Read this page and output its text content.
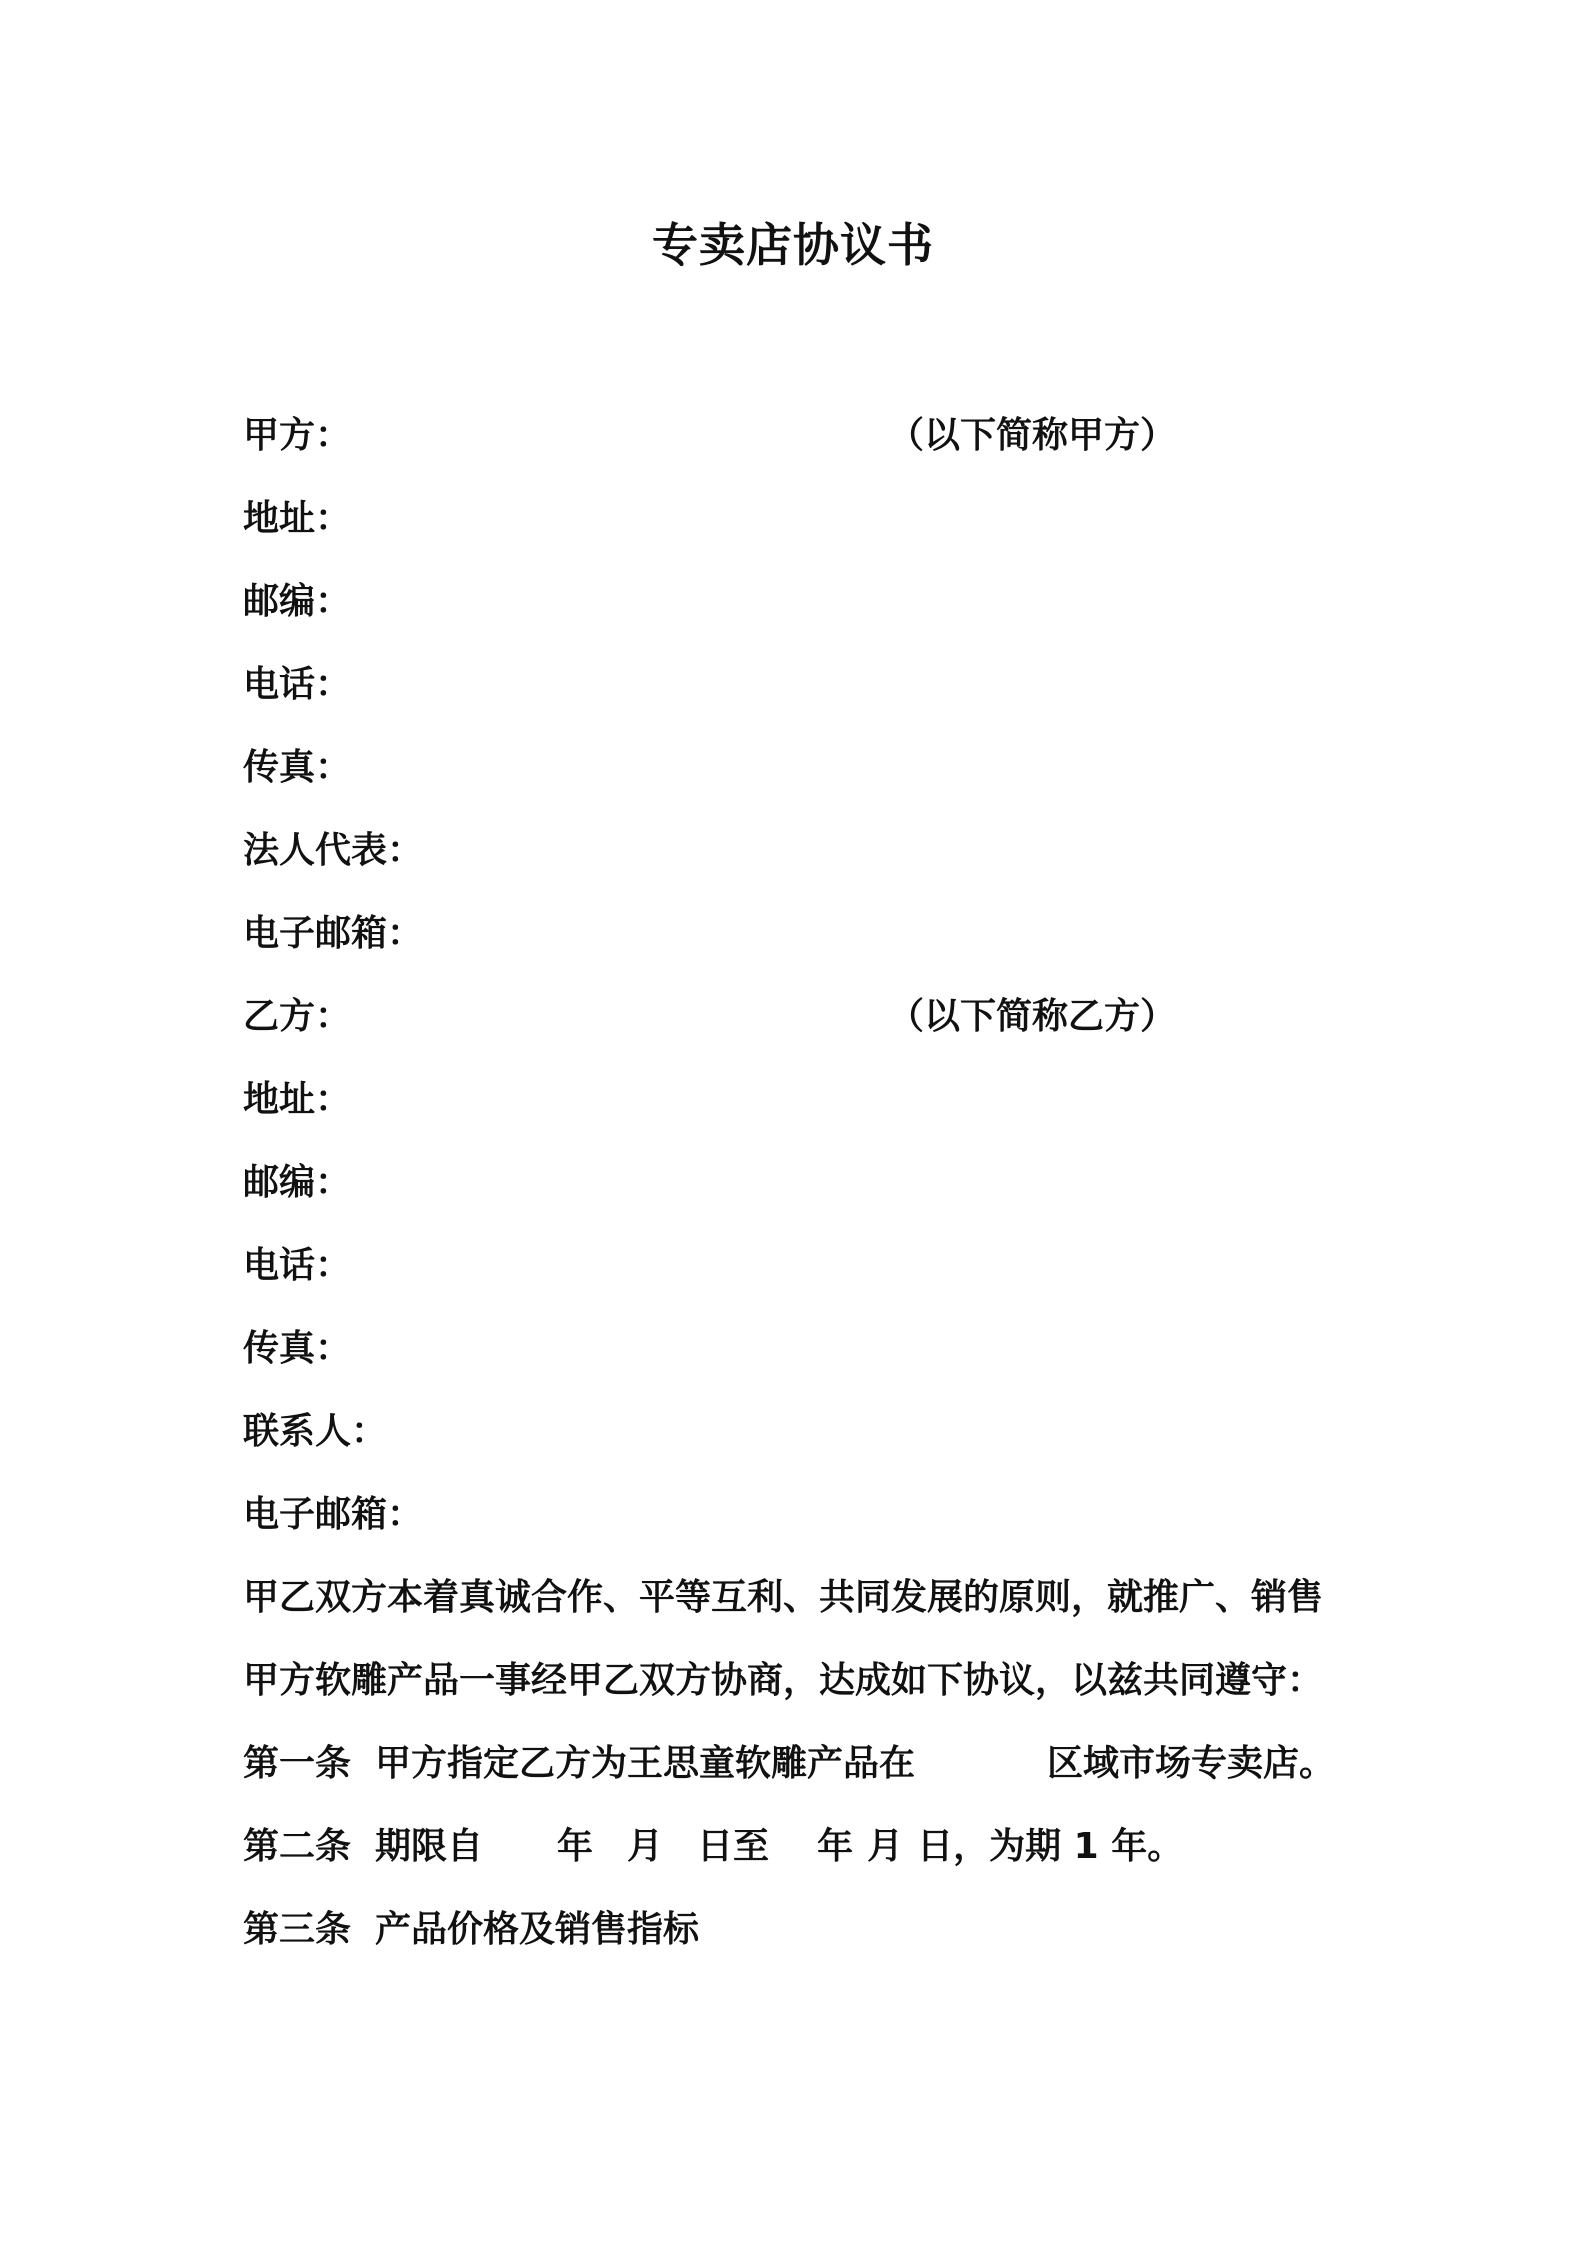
专卖店协议书
甲方：	（以下简称甲方）
地址：
邮编：
电话：
传真：
法人代表：
电子邮箱：
乙方：	（以下简称乙方）
地址：
邮编：
电话：
传真：
联系人：
电子邮箱：
甲乙双方本着真诚合作、平等互利、共同发展的原则，就推广、销售
甲方软雕产品一事经甲乙双方协商，达成如下协议，以兹共同遵守：
第一条 甲方指定乙方为王思童软雕产品在	区域市场专卖店。
第二条 期限自 年 月 日至 年 月 日，为期 1 年。
第三条 产品价格及销售指标
